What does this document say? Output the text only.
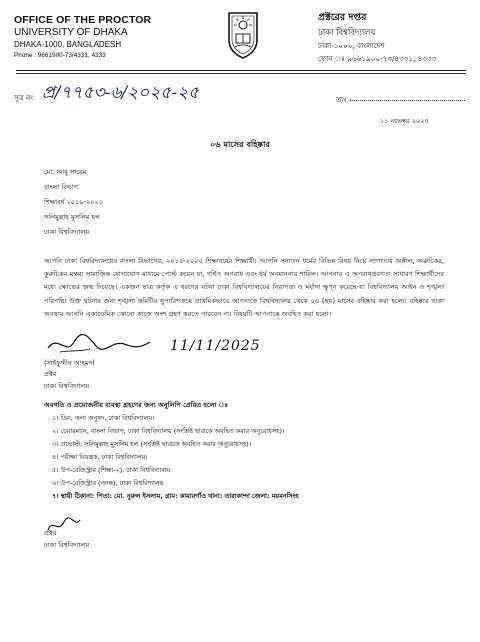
OFFICE OF THE PROCTOR
UNIVERSITY OF DHAKA
DHAKA-1000, BANGLADESH
Phone : 9661900-73/4331, 4333
প্রক্টরের দপ্তর
ঢাকা বিশ্ববিদ্যালয়
ঢাকা-১০০০, বাংলাদেশ
ফোন ঃ ৯৬৬১৯০০-৭৩/৪৩৩১, ৪৩৩৩
সূত্র নং প্র/৭৭৫৩-৬/২০২৫-২৫	তাং
১১ নভেম্বর ২০২৫
০৬ মাসের বহিষ্কার
মো. আবু সায়েম
বাংলা বিভাগ
শিক্ষাবর্ষ ২০১৯-২০২০
সলিমুল্লাহ মুসলিম হল
ঢাকা বিশ্ববিদ্যালয়
আপনি ঢাকা বিশ্ববিদ্যালয়ের বাংলা বিভাগের, ২০১৯-২০২০ শিক্ষাবর্ষের শিক্ষার্থী। আপনি সনাতন ধর্মের বিভিন্ন বিষয় নিয়ে লাগাতার অশ্লীল, অরুচিকর, কুরুচিকর মন্তব্য সামাজিক যোগাযোগ মাধ্যমে পোস্ট করেন যা, গর্হিত অপরাধ এবং ধর্ম অবমাননার শামিল। আপনার এ অপরাধপ্রবণতা সাধারণ শিক্ষার্থীদের মধ্যে ক্ষোভের জন্ম দিয়েছে। একজন ছাত্র কর্তৃক এ ধরণের ঘটনা ঢাকা বিশ্ববিদ্যালয়ের নিরাপত্তা ও মর্যাদা ক্ষুণ্ন করেছে-যা বিশ্ববিদ্যালয় আইন ও শৃঙ্খলা পরিপন্থি। উক্ত ঘটনার জন্য শৃঙ্খলা কমিটির সুপারিশক্রমে প্রাথমিকভাবে আপনাকে বিশ্ববিদ্যালয় থেকে ০৬ (ছয়) মাসের বহিষ্কার করা হলো। বহিষ্কার থাকা অবস্থায় আপনি একাডেমিক কোনো কাজে অংশ গ্রহণ করতে পারবেন না। বিষয়টি আপনাকে অবহিত করা হলো।
11/11/2025
(সাইফুদ্দীন আহমদ)
প্রক্টর
ঢাকা বিশ্ববিদ্যালয়
অবগতি ও প্রয়োজনীয় ব্যবস্থা গ্রহণের জন্য অনুলিপি প্রেরিত হলো ঃ
১। ডিন, কলা অনুষদ, ঢাকা বিশ্ববিদ্যালয়।
২। চেয়ারম্যান, বাংলা বিভাগ, ঢাকা বিশ্ববিদ্যালয় (সংশ্লিষ্ট ছাত্রকে অবহিত করার অনুরোধসহ)।
৩। প্রভোস্ট, সলিমুল্লাহ মুসলিম হল (সংশ্লিষ্ট ছাত্রকে অবহিত করার অনুরোধসহ)।
৪। পরীক্ষা নিয়ন্ত্রক, ঢাকা বিশ্ববিদ্যালয়।
৫। উপ-রেজিস্ট্রার (শিক্ষা-২), ঢাকা বিশ্ববিদ্যালয়
৬। উপ-রেজিস্ট্রার (তদন্ত), ঢাকা বিশ্ববিদ্যালয়
৭। স্থায়ী ঠিকানা: পিতা: মো. নুরুল ইসলাম, গ্রাম: কামারগাঁও থানা: তারাকান্দা জেলা: ময়মনসিংহ
প্রক্টর
ঢাকা বিশ্ববিদ্যালয়
